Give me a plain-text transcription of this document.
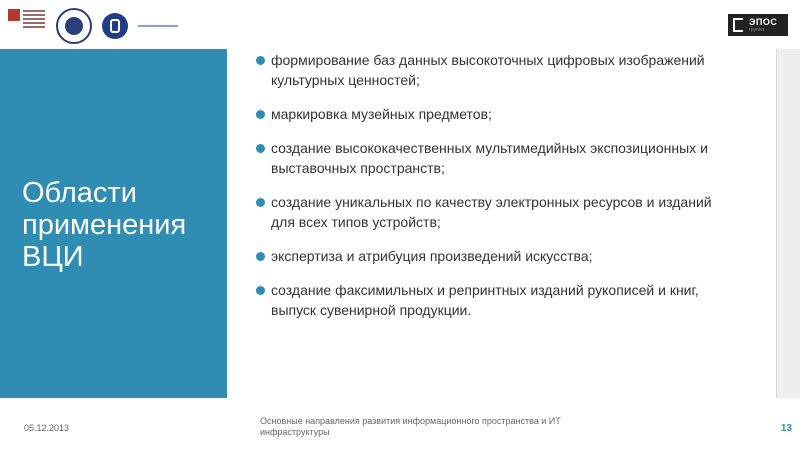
ЭПОС
группа
Области
применения
ВЦИ
формирование баз данных высокоточных цифровых изображений культурных ценностей;
маркировка музейных предметов;
создание высококачественных мультимедийных экспозиционных и выставочных пространств;
создание уникальных по качеству электронных ресурсов и изданий для всех типов устройств;
экспертиза и атрибуция произведений искусства;
создание факсимильных и репринтных изданий рукописей и книг, выпуск сувенирной продукции.
05.12.2013
Основные направления развития информационного пространства и ИТ инфраструктуры	13
